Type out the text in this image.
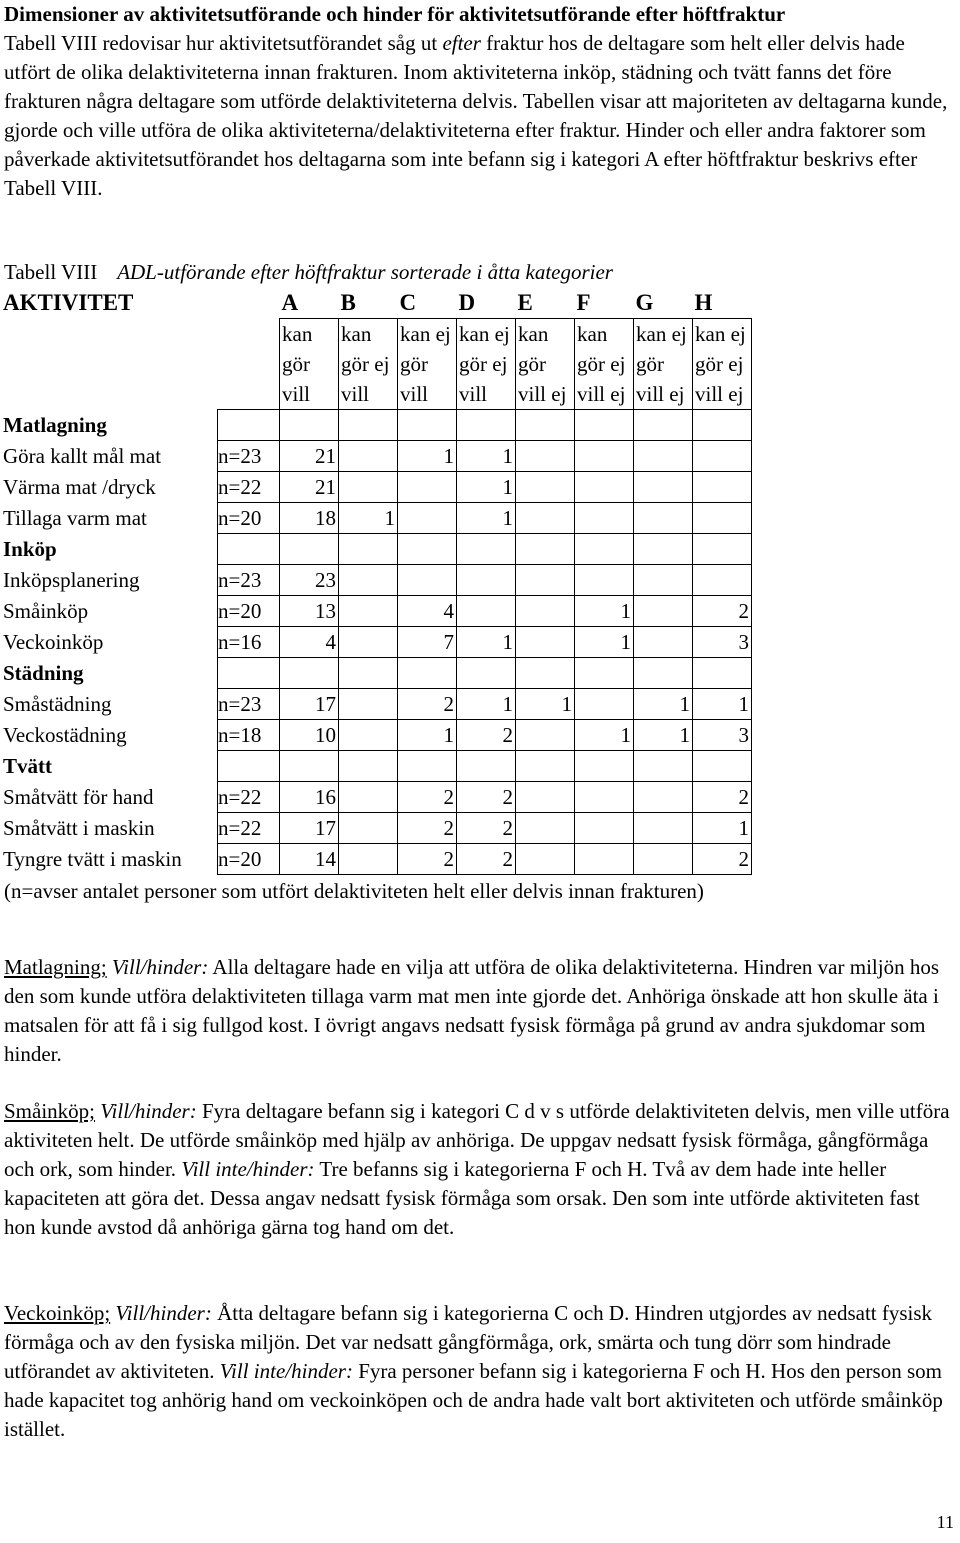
Dimensioner av aktivitetsutförande och hinder för aktivitetsutförande efter höftfraktur
Tabell VIII redovisar hur aktivitetsutförandet såg ut efter fraktur hos de deltagare som helt eller delvis hade utfört de olika delaktiviteterna innan frakturen. Inom aktiviteterna inköp, städning och tvätt fanns det före frakturen några deltagare som utförde delaktiviteterna delvis. Tabellen visar att majoriteten av deltagarna kunde, gjorde och ville utföra de olika aktiviteterna/delaktiviteterna efter fraktur. Hinder och eller andra faktorer som påverkade aktivitetsutförandet hos deltagarna som inte befann sig i kategori A efter höftfraktur beskrivs efter Tabell VIII.

Tabell VIII ADL-utförande efter höftfraktur sorterade i åtta kategorier
AKTIVITET		A	B	C	D	E	F	G	H

		kan
gör
vill	kan
gör ej
vill	kan ej
gör
vill	kan ej
gör ej
vill	kan
gör
vill ej	kan
gör ej
vill ej	kan ej
gör
vill ej	kan ej
gör ej
vill ej

Matlagning									
Göra kallt mål mat	n=23	21		1	1				
Värma mat /dryck	n=22	21			1				
Tillaga varm mat	n=20	18	1		1				
Inköp									
Inköpsplanering	n=23	23							
Småinköp	n=20	13		4			1		2
Veckoinköp	n=16	4		7	1		1		3
Städning									
Småstädning	n=23	17		2	1	1		1	1
Veckostädning	n=18	10		1	2		1	1	3
Tvätt									
Småtvätt för hand	n=22	16		2	2				2
Småtvätt i maskin	n=22	17		2	2				1
Tyngre tvätt i maskin	n=20	14		2	2				2
(n=avser antalet personer som utfört delaktiviteten helt eller delvis innan frakturen)

Matlagning; Vill/hinder: Alla deltagare hade en vilja att utföra de olika delaktiviteterna. Hindren var miljön hos den som kunde utföra delaktiviteten tillaga varm mat men inte gjorde det. Anhöriga önskade att hon skulle äta i matsalen för att få i sig fullgod kost. I övrigt angavs nedsatt fysisk förmåga på grund av andra sjukdomar som hinder.

Småinköp; Vill/hinder: Fyra deltagare befann sig i kategori C d v s utförde delaktiviteten delvis, men ville utföra aktiviteten helt. De utförde småinköp med hjälp av anhöriga. De uppgav nedsatt fysisk förmåga, gångförmåga och ork, som hinder. Vill inte/hinder: Tre befanns sig i kategorierna F och H. Två av dem hade inte heller kapaciteten att göra det. Dessa angav nedsatt fysisk förmåga som orsak. Den som inte utförde aktiviteten fast hon kunde avstod då anhöriga gärna tog hand om det.

Veckoinköp; Vill/hinder: Åtta deltagare befann sig i kategorierna C och D. Hindren utgjordes av nedsatt fysisk förmåga och av den fysiska miljön. Det var nedsatt gångförmåga, ork, smärta och tung dörr som hindrade utförandet av aktiviteten. Vill inte/hinder: Fyra personer befann sig i kategorierna F och H. Hos den person som hade kapacitet tog anhörig hand om veckoinköpen och de andra hade valt bort aktiviteten och utförde småinköp istället.

11
